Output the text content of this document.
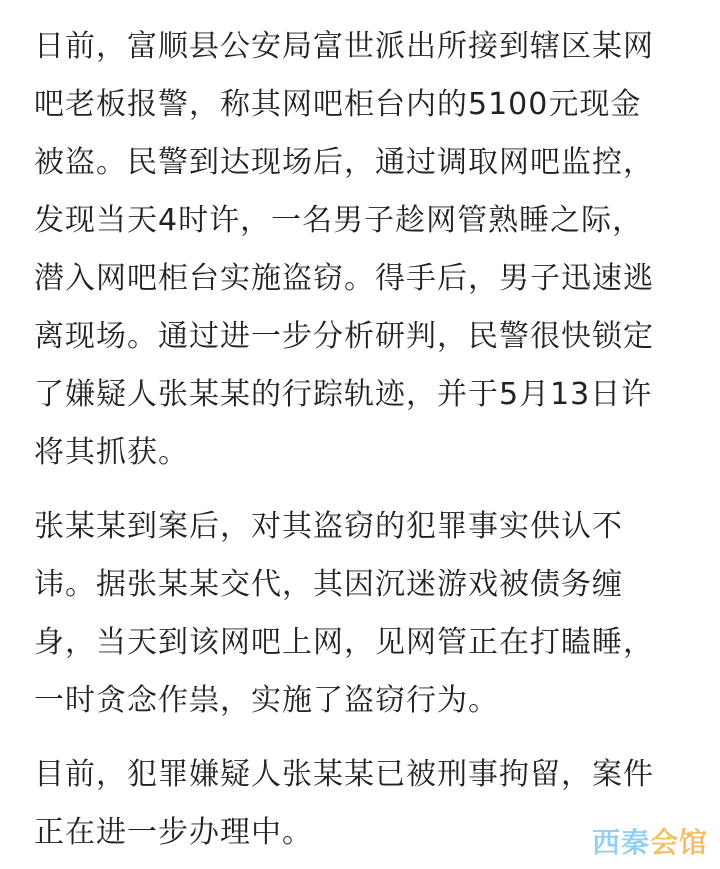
日前，富顺县公安局富世派出所接到辖区某网
吧老板报警，称其网吧柜台内的5100元现金
被盗。民警到达现场后，通过调取网吧监控，
发现当天4时许，一名男子趁网管熟睡之际，
潜入网吧柜台实施盗窃。得手后，男子迅速逃
离现场。通过进一步分析研判，民警很快锁定
了嫌疑人张某某的行踪轨迹，并于5月13日许
将其抓获。

张某某到案后，对其盗窃的犯罪事实供认不
讳。据张某某交代，其因沉迷游戏被债务缠
身，当天到该网吧上网，见网管正在打瞌睡，
一时贪念作祟，实施了盗窃行为。

目前，犯罪嫌疑人张某某已被刑事拘留，案件
正在进一步办理中。	西秦会馆
